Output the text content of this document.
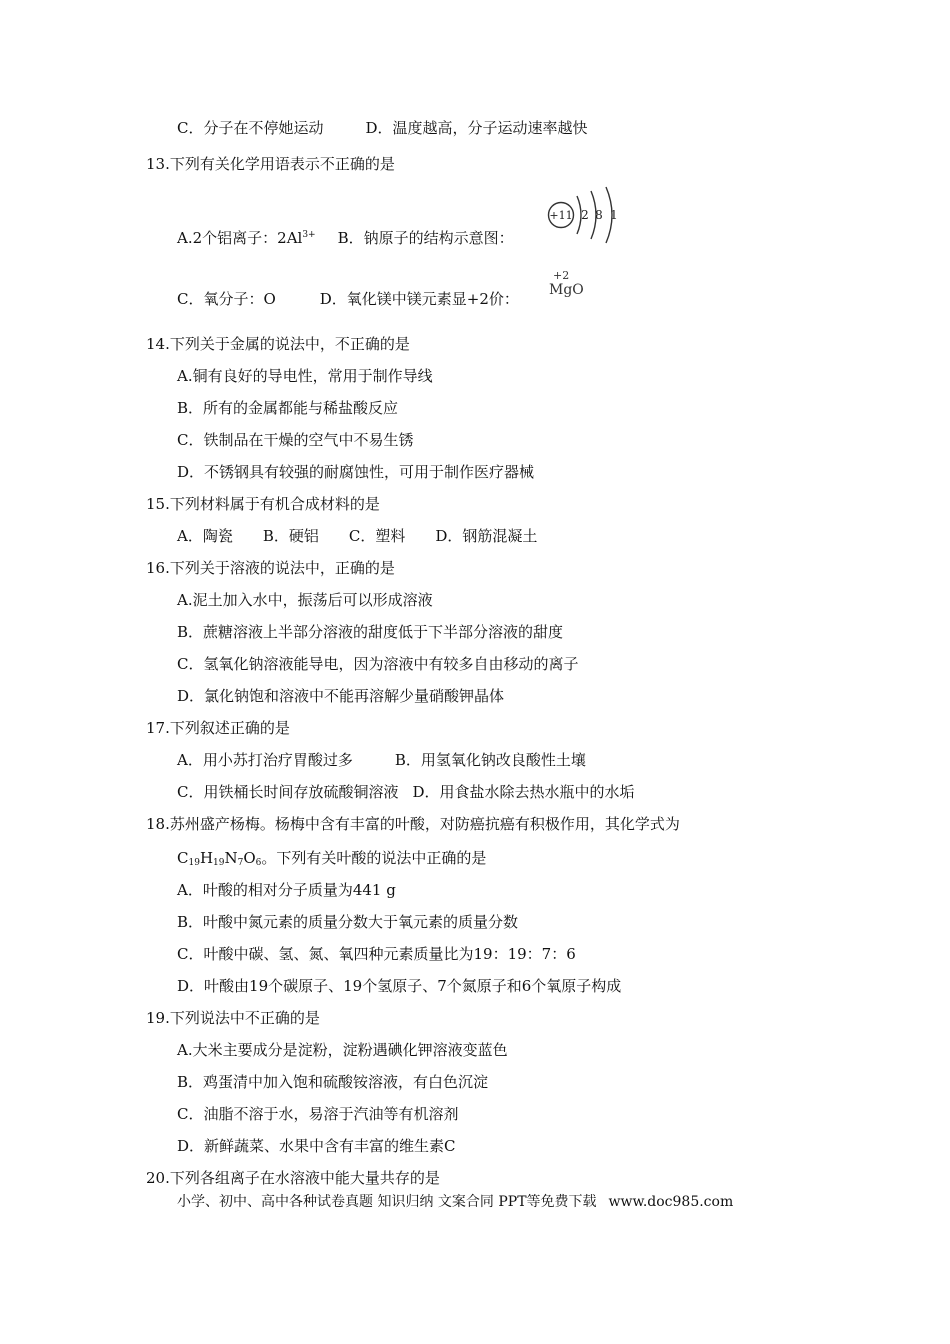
C．分子在不停她运动	D．温度越高，分子运动速率越快
13.下列有关化学用语表示不正确的是
A.2个铝离子：$2Al^{3+}$ B．钠原子的结构示意图：
+11 2 8 1
C．氧分子：O	D．氧化镁中镁元素显+2价：
+2
MgO
14.下列关于金属的说法中，不正确的是
A.铜有良好的导电性，常用于制作导线
B．所有的金属都能与稀盐酸反应
C．铁制品在干燥的空气中不易生锈
D．不锈钢具有较强的耐腐蚀性，可用于制作医疗器械
15.下列材料属于有机合成材料的是
A．陶瓷 B．硬铝 C．塑料 D．钢筋混凝土
16.下列关于溶液的说法中，正确的是
A.泥土加入水中，振荡后可以形成溶液
B．蔗糖溶液上半部分溶液的甜度低于下半部分溶液的甜度
C．氢氧化钠溶液能导电，因为溶液中有较多自由移动的离子
D．氯化钠饱和溶液中不能再溶解少量硝酸钾晶体
17.下列叙述正确的是
A．用小苏打治疗胃酸过多	B．用氢氧化钠改良酸性土壤
C．用铁桶长时间存放硫酸铜溶液 D．用食盐水除去热水瓶中的水垢
18.苏州盛产杨梅。杨梅中含有丰富的叶酸，对防癌抗癌有积极作用，其化学式为
$C_{19}H_{19}N_7O_6$。下列有关叶酸的说法中正确的是
A．叶酸的相对分子质量为441 g
B．叶酸中氮元素的质量分数大于氧元素的质量分数
C．叶酸中碳、氢、氮、氧四种元素质量比为19：19：7：6
D．叶酸由19个碳原子、19个氢原子、7个氮原子和6个氧原子构成
19.下列说法中不正确的是
A.大米主要成分是淀粉，淀粉遇碘化钾溶液变蓝色
B．鸡蛋清中加入饱和硫酸铵溶液，有白色沉淀
C．油脂不溶于水，易溶于汽油等有机溶剂
D．新鲜蔬菜、水果中含有丰富的维生素C
20.下列各组离子在水溶液中能大量共存的是
小学、初中、高中各种试卷真题 知识归纳 文案合同 PPT等免费下载 www.doc985.com
